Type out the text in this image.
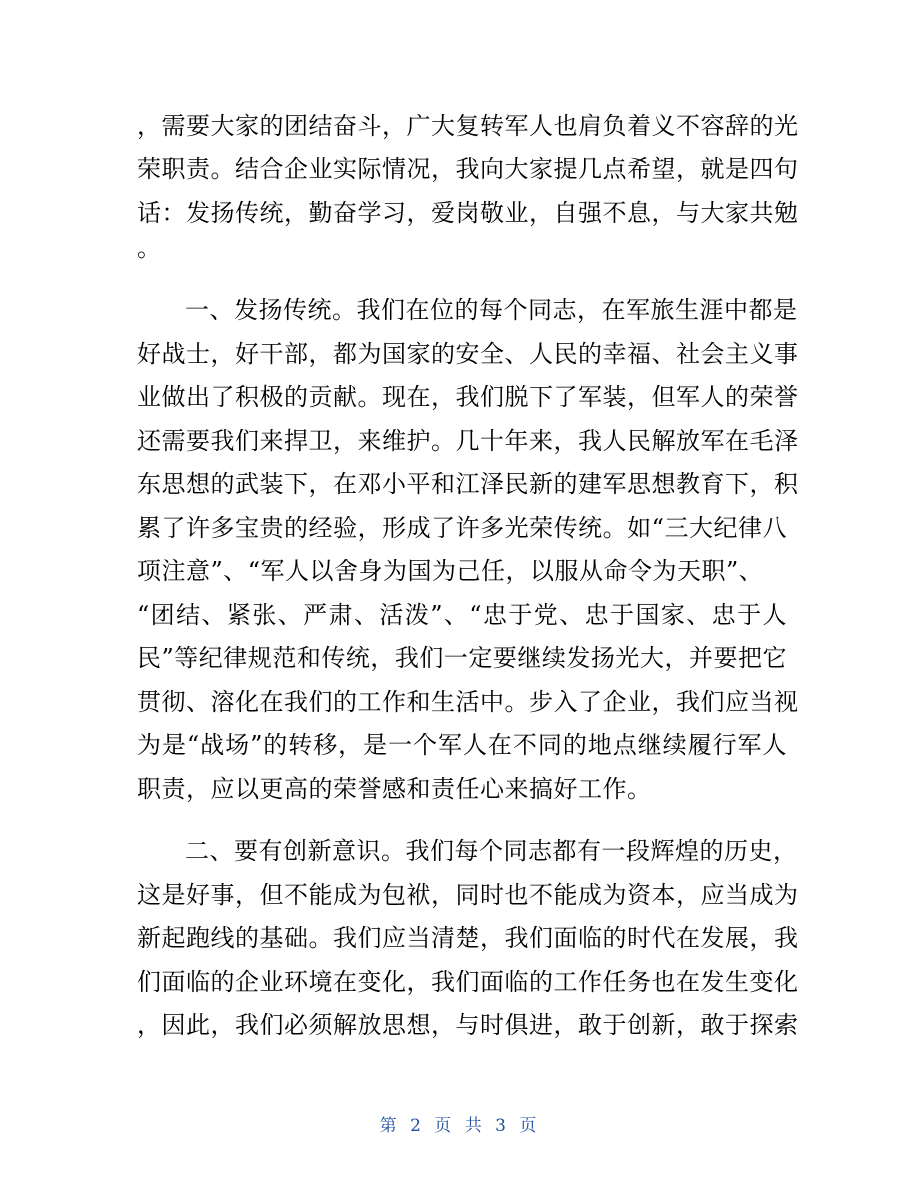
，需要大家的团结奋斗，广大复转军人也肩负着义不容辞的光
荣职责。结合企业实际情况，我向大家提几点希望，就是四句
话：发扬传统，勤奋学习，爱岗敬业，自强不息，与大家共勉
。
一、发扬传统。我们在位的每个同志，在军旅生涯中都是
好战士，好干部，都为国家的安全、人民的幸福、社会主义事
业做出了积极的贡献。现在，我们脱下了军装，但军人的荣誉
还需要我们来捍卫，来维护。几十年来，我人民解放军在毛泽
东思想的武装下，在邓小平和江泽民新的建军思想教育下，积
累了许多宝贵的经验，形成了许多光荣传统。如“三大纪律八
项注意”、“军人以舍身为国为己任，以服从命令为天职”、
“团结、紧张、严肃、活泼”、“忠于党、忠于国家、忠于人
民”等纪律规范和传统，我们一定要继续发扬光大，并要把它
贯彻、溶化在我们的工作和生活中。步入了企业，我们应当视
为是“战场”的转移，是一个军人在不同的地点继续履行军人
职责，应以更高的荣誉感和责任心来搞好工作。
二、要有创新意识。我们每个同志都有一段辉煌的历史，
这是好事，但不能成为包袱，同时也不能成为资本，应当成为
新起跑线的基础。我们应当清楚，我们面临的时代在发展，我
们面临的企业环境在变化，我们面临的工作任务也在发生变化
，因此，我们必须解放思想，与时俱进，敢于创新，敢于探索
第 2 页 共 3 页
